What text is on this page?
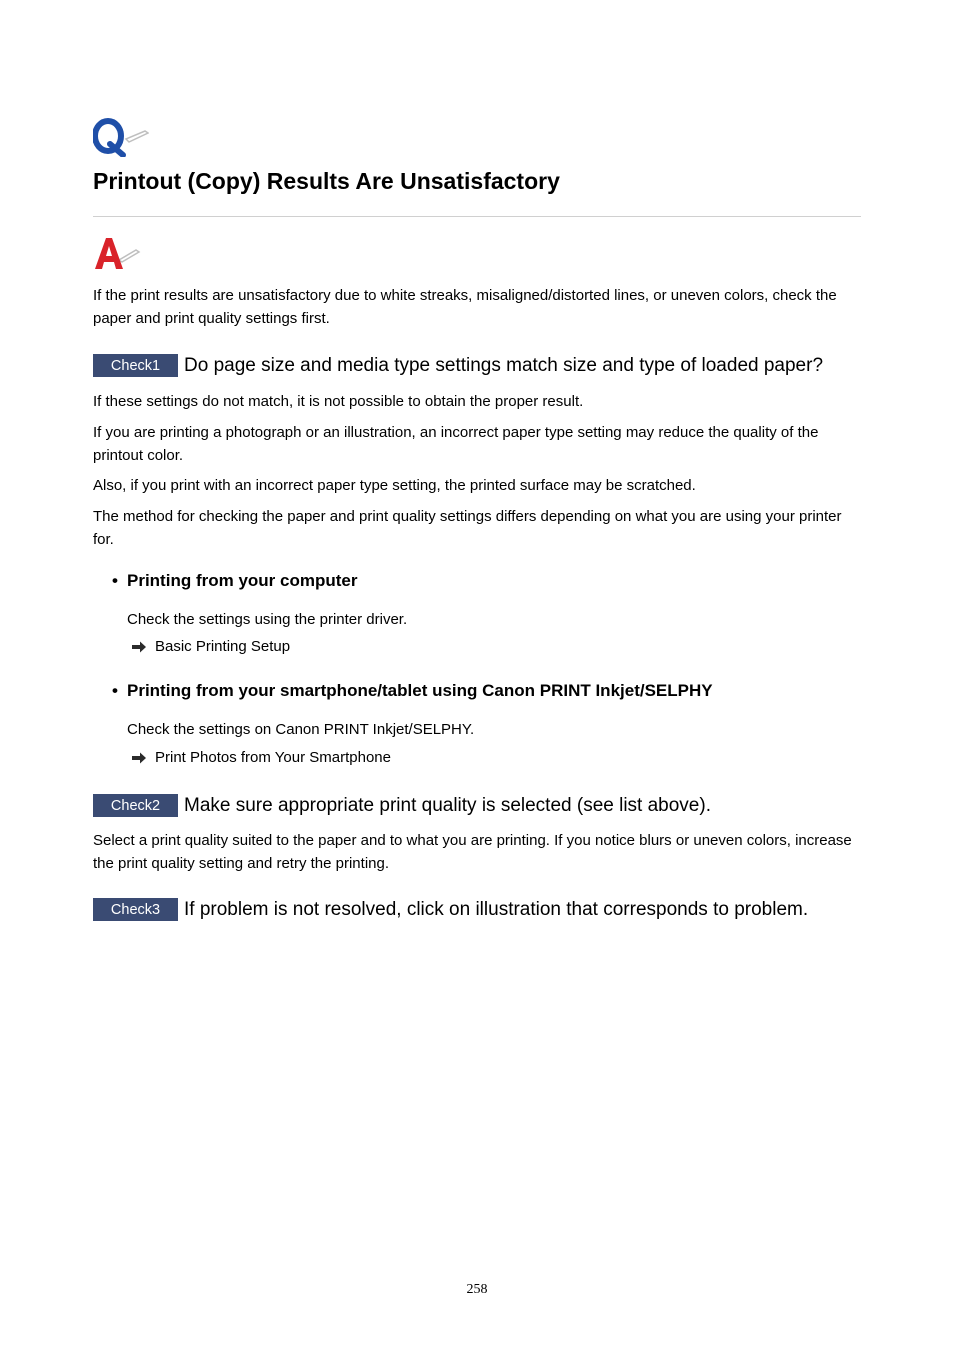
Printout (Copy) Results Are Unsatisfactory

If the print results are unsatisfactory due to white streaks, misaligned/distorted lines, or uneven colors, check the paper and print quality settings first.

Check1	Do page size and media type settings match size and type of loaded paper?

If these settings do not match, it is not possible to obtain the proper result.

If you are printing a photograph or an illustration, an incorrect paper type setting may reduce the quality of the printout color.

Also, if you print with an incorrect paper type setting, the printed surface may be scratched.

The method for checking the paper and print quality settings differs depending on what you are using your printer for.

• Printing from your computer

Check the settings using the printer driver.

Basic Printing Setup
• Printing from your smartphone/tablet using Canon PRINT Inkjet/SELPHY

Check the settings on Canon PRINT Inkjet/SELPHY.

Print Photos from Your Smartphone
Check2	Make sure appropriate print quality is selected (see list above).

Select a print quality suited to the paper and to what you are printing. If you notice blurs or uneven colors, increase the print quality setting and retry the printing.

Check3	If problem is not resolved, click on illustration that corresponds to problem.
258
